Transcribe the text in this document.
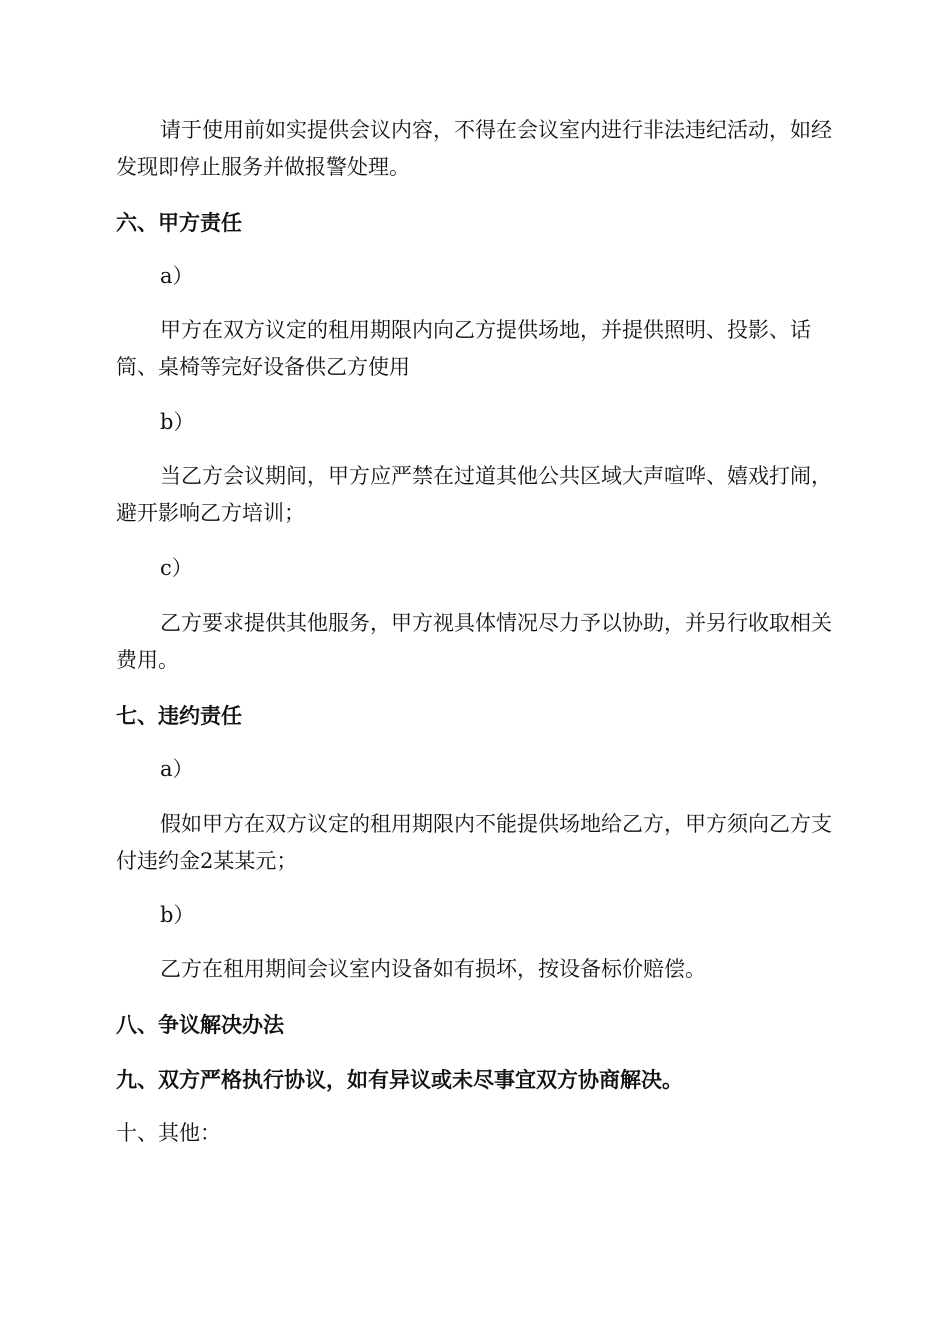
请于使用前如实提供会议内容，不得在会议室内进行非法违纪活动，如经发现即停止服务并做报警处理。

六、甲方责任

a）

甲方在双方议定的租用期限内向乙方提供场地，并提供照明、投影、话筒、桌椅等完好设备供乙方使用

b）

当乙方会议期间，甲方应严禁在过道其他公共区域大声喧哗、嬉戏打闹，避开影响乙方培训；

c）

乙方要求提供其他服务，甲方视具体情况尽力予以协助，并另行收取相关费用。

七、违约责任

a）

假如甲方在双方议定的租用期限内不能提供场地给乙方，甲方须向乙方支付违约金2某某元；

b）

乙方在租用期间会议室内设备如有损坏，按设备标价赔偿。

八、争议解决办法

九、双方严格执行协议，如有异议或未尽事宜双方协商解决。

十、其他：
